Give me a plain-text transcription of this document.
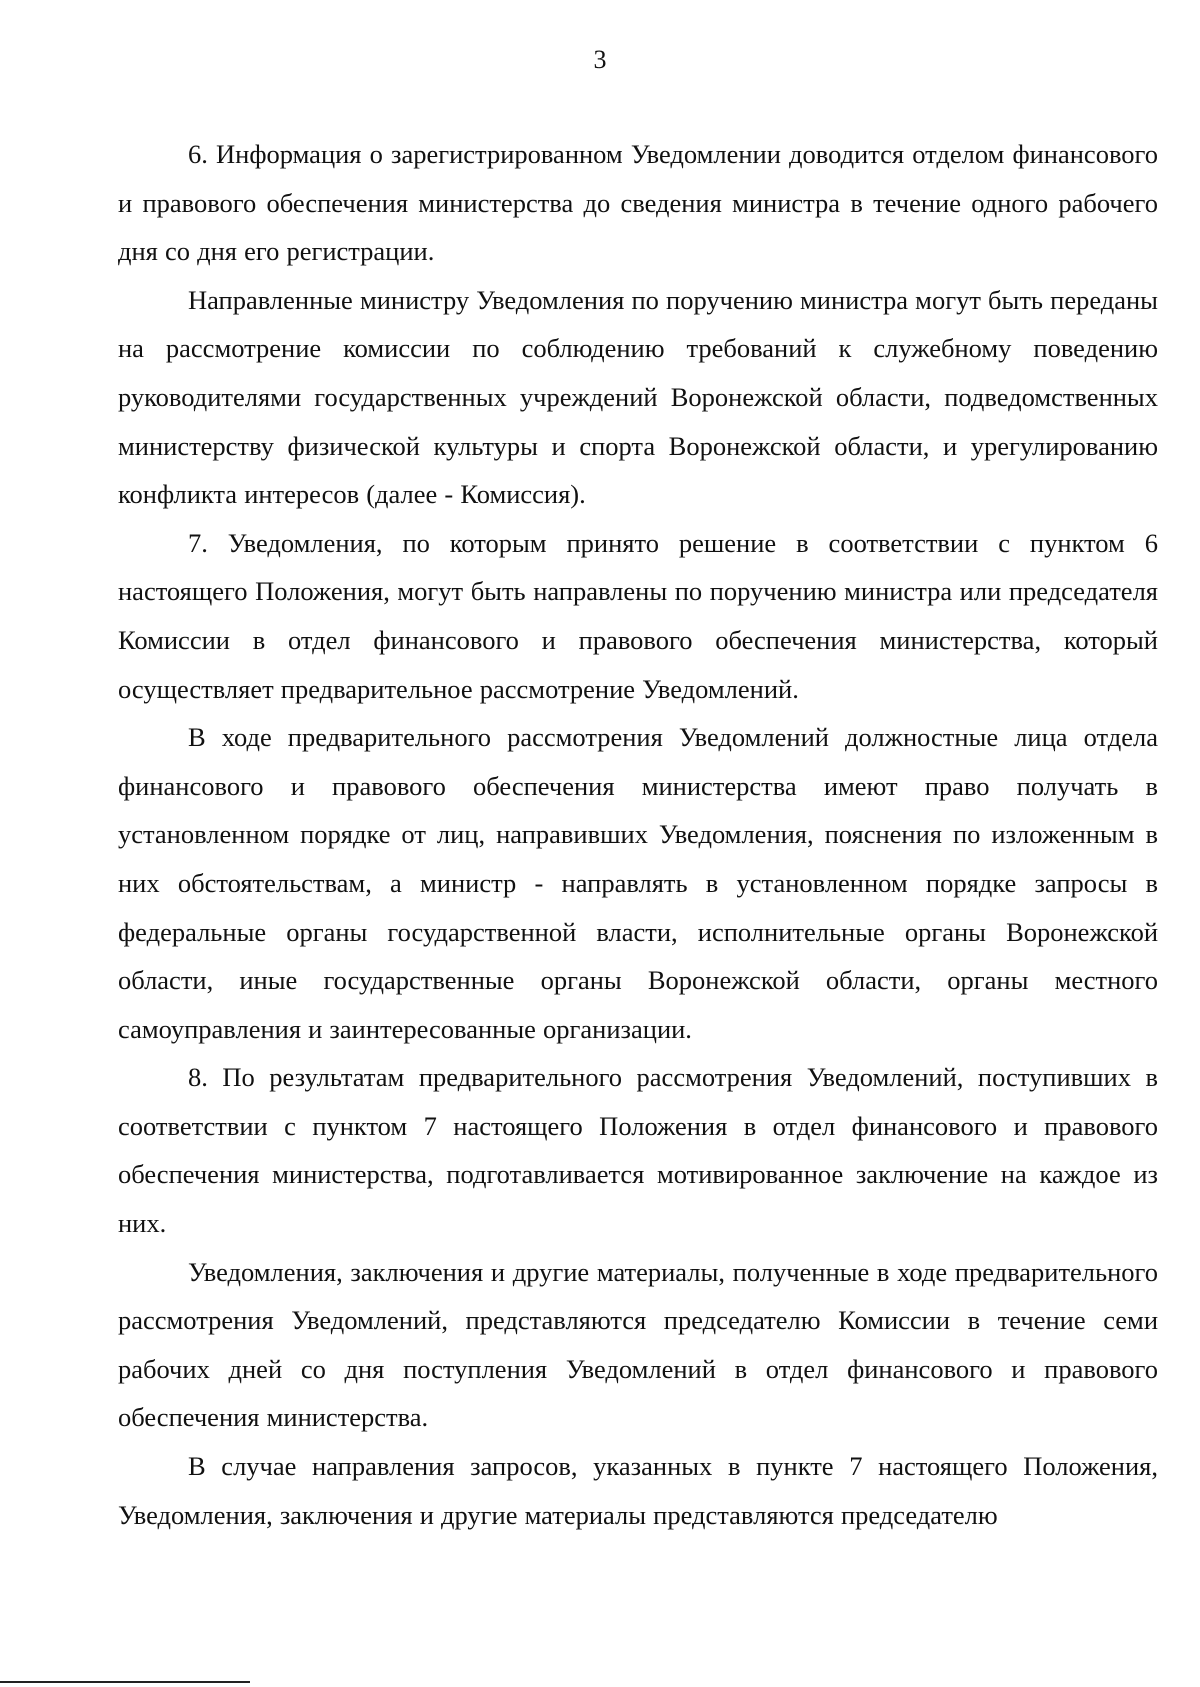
3

6. Информация о зарегистрированном Уведомлении доводится отделом финансового и правового обеспечения министерства до сведения министра в течение одного рабочего дня со дня его регистрации.

Направленные министру Уведомления по поручению министра могут быть переданы на рассмотрение комиссии по соблюдению требований к служебному поведению руководителями государственных учреждений Воронежской области, подведомственных министерству физической культуры и спорта Воронежской области, и урегулированию конфликта интересов (далее - Комиссия).

7. Уведомления, по которым принято решение в соответствии с пунктом 6 настоящего Положения, могут быть направлены по поручению министра или председателя Комиссии в отдел финансового и правового обеспечения министерства, который осуществляет предварительное рассмотрение Уведомлений.

В ходе предварительного рассмотрения Уведомлений должностные лица отдела финансового и правового обеспечения министерства имеют право получать в установленном порядке от лиц, направивших Уведомления, пояснения по изложенным в них обстоятельствам, а министр - направлять в установленном порядке запросы в федеральные органы государственной власти, исполнительные органы Воронежской области, иные государственные органы Воронежской области, органы местного самоуправления и заинтересованные организации.

8. По результатам предварительного рассмотрения Уведомлений, поступивших в соответствии с пунктом 7 настоящего Положения в отдел финансового и правового обеспечения министерства, подготавливается мотивированное заключение на каждое из них.

Уведомления, заключения и другие материалы, полученные в ходе предварительного рассмотрения Уведомлений, представляются председателю Комиссии в течение семи рабочих дней со дня поступления Уведомлений в отдел финансового и правового обеспечения министерства.

В случае направления запросов, указанных в пункте 7 настоящего Положения, Уведомления, заключения и другие материалы представляются председателю
